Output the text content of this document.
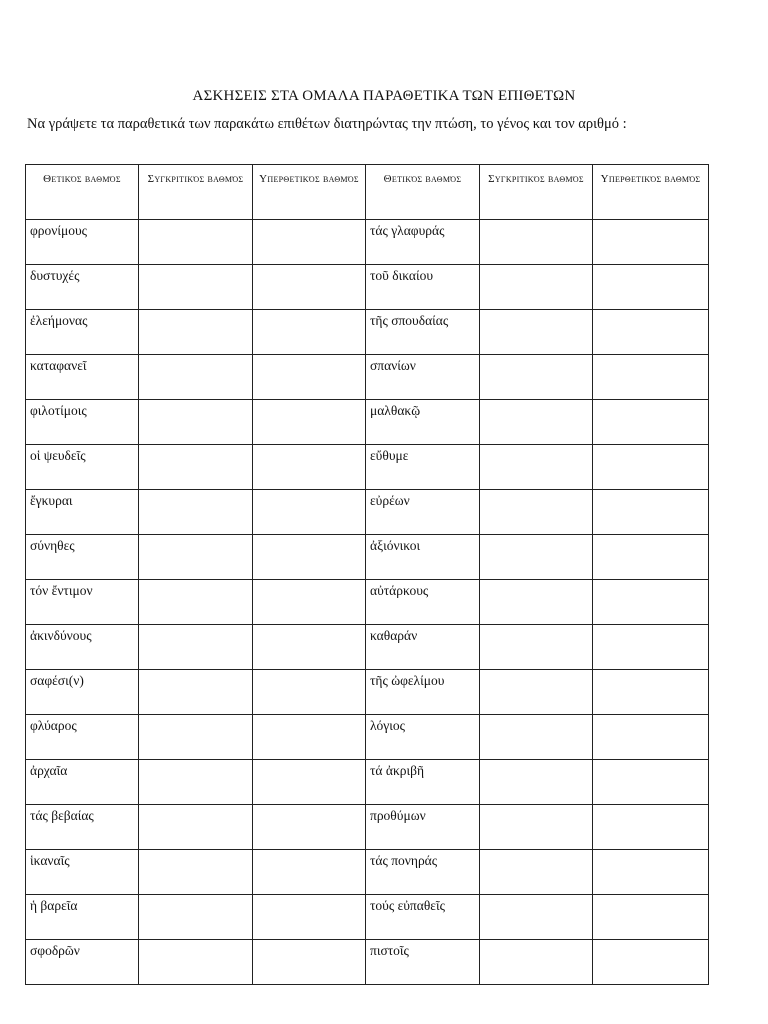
ΑΣΚΗΣΕΙΣ ΣΤΑ ΟΜΑΛΑ ΠΑΡΑΘΕΤΙΚΑ ΤΩΝ ΕΠΙΘΕΤΩΝ
Να γράψετε τα παραθετικά των παρακάτω επιθέτων διατηρώντας την πτώση, το γένος και τον αριθμό :
Θετικός βαθμός	Συγκριτικός βαθμός	Υπερθετικός βαθμός	Θετικός βαθμός	Συγκριτικός βαθμός	Υπερθετικός βαθμός
φρονίμους			τάς γλαφυράς		
δυστυχές			τοῦ δικαίου		
ἐλεήμονας			τῆς σπουδαίας		
καταφανεῖ			σπανίων		
φιλοτίμοις			μαλθακῷ		
οἱ ψευδεῖς			εὔθυμε		
ἔγκυραι			εὐρέων		
σύνηθες			ἀξιόνικοι		
τόν ἔντιμον			αὐτάρκους		
ἀκινδύνους			καθαράν		
σαφέσι(ν)			τῆς ὠφελίμου		
φλύαρος			λόγιος		
ἀρχαῖα			τά ἀκριβῆ		
τάς βεβαίας			προθύμων		
ἱκαναῖς			τάς πονηράς		
ἡ βαρεῖα			τούς εὐπαθεῖς		
σφοδρῶν			πιστοῖς		
